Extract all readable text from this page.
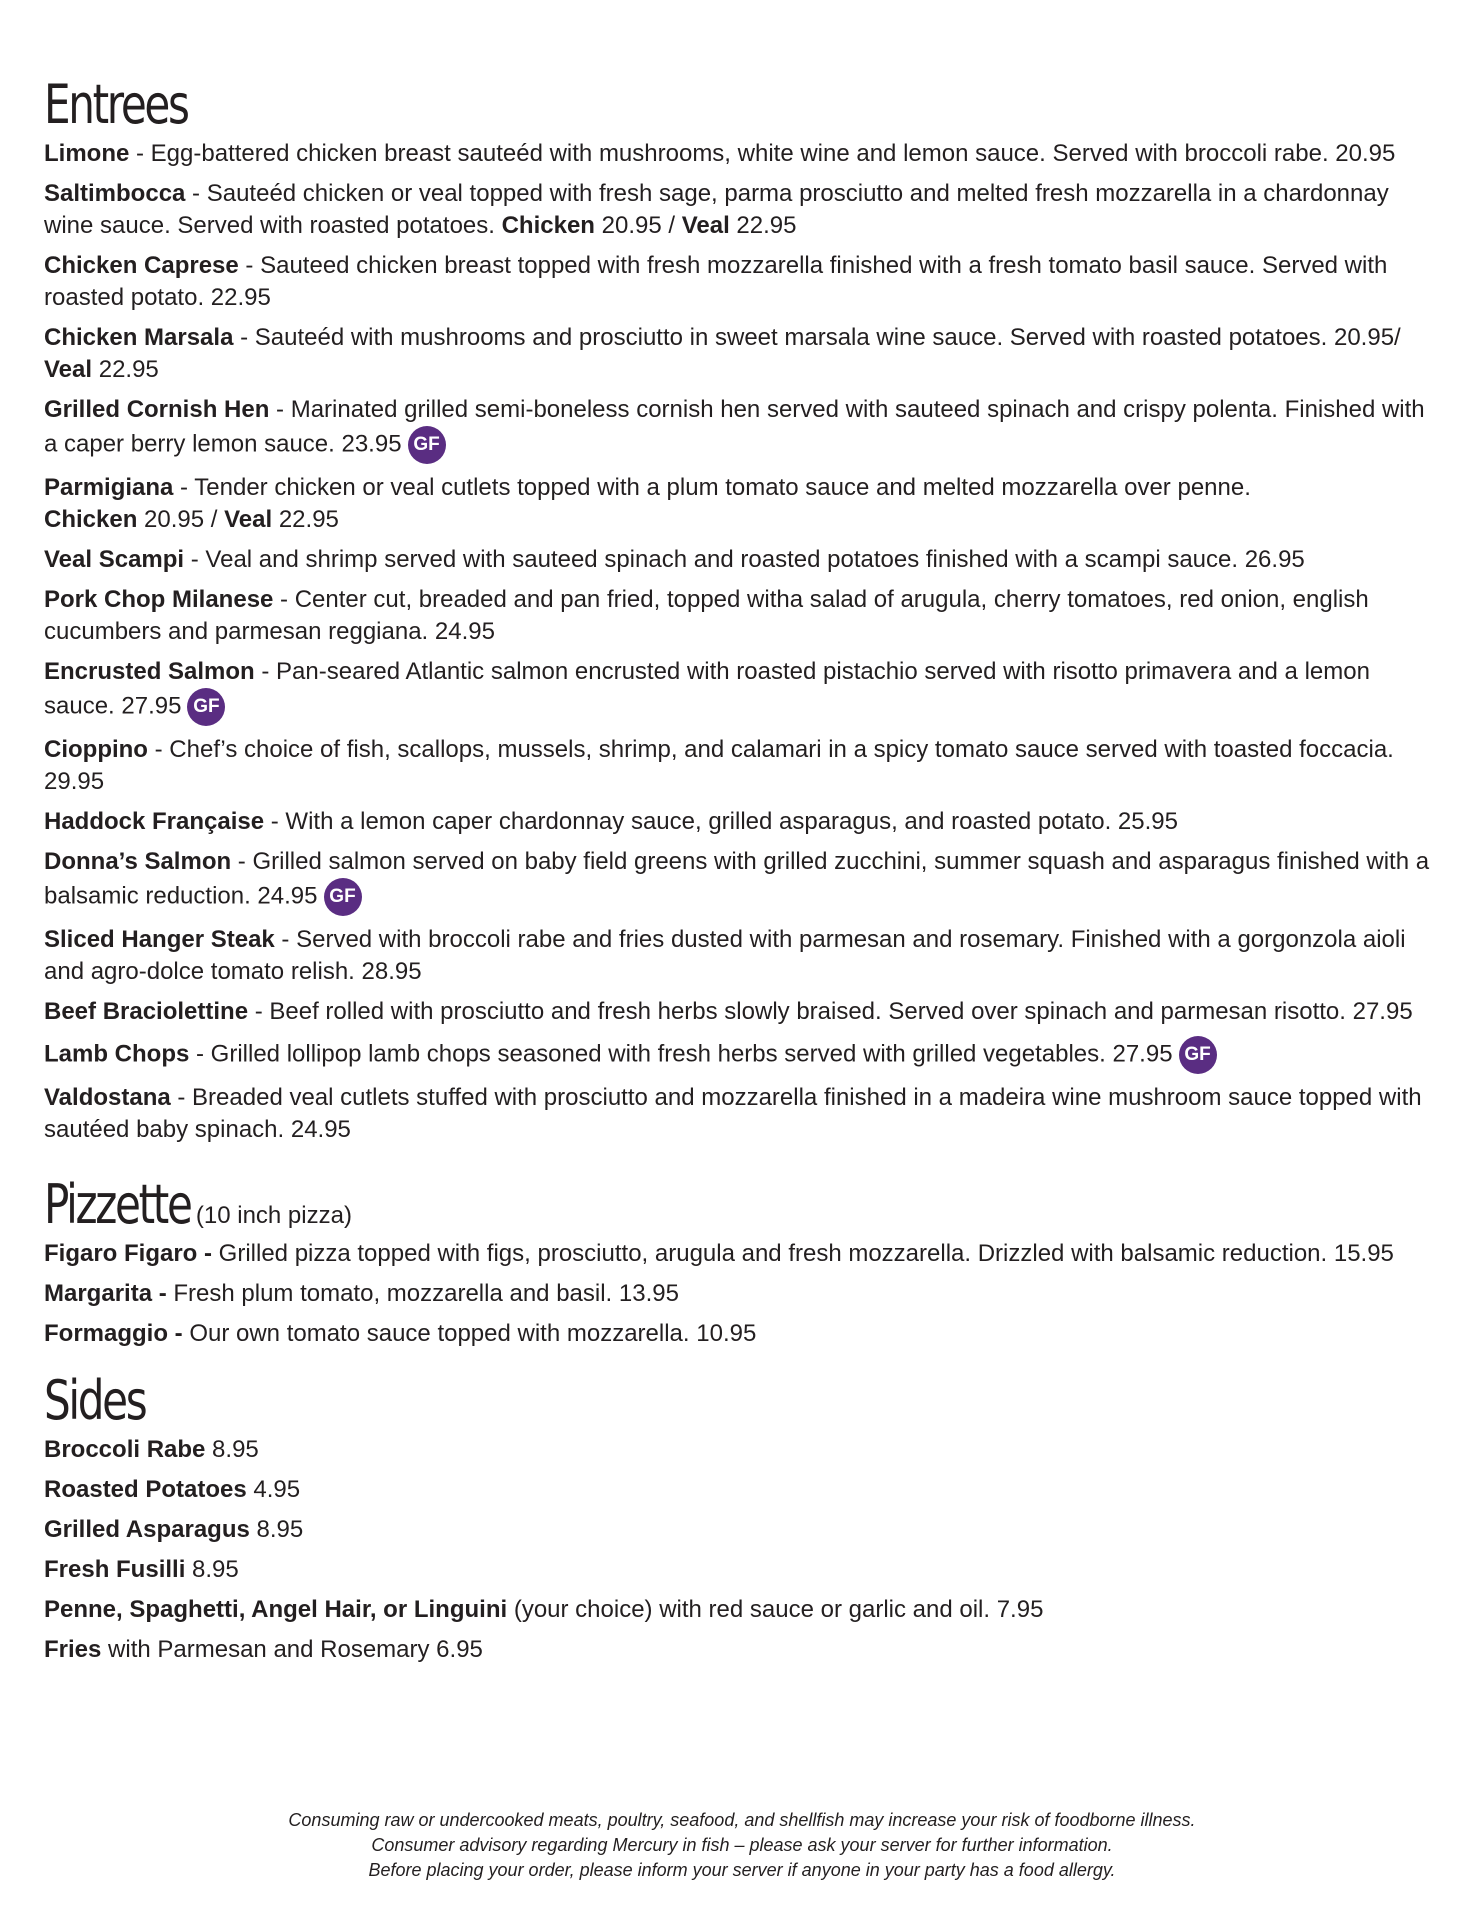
Entrees
Limone - Egg-battered chicken breast sauteéd with mushrooms, white wine and lemon sauce. Served with broccoli rabe. 20.95
Saltimbocca - Sauteéd chicken or veal topped with fresh sage, parma prosciutto and melted fresh mozzarella in a chardonnay wine sauce. Served with roasted potatoes. Chicken 20.95 / Veal 22.95
Chicken Caprese - Sauteed chicken breast topped with fresh mozzarella finished with a fresh tomato basil sauce. Served with roasted potato. 22.95
Chicken Marsala - Sauteéd with mushrooms and prosciutto in sweet marsala wine sauce. Served with roasted potatoes. 20.95/ Veal 22.95
Grilled Cornish Hen - Marinated grilled semi-boneless cornish hen served with sauteed spinach and crispy polenta. Finished with a caper berry lemon sauce. 23.95 GF
Parmigiana - Tender chicken or veal cutlets topped with a plum tomato sauce and melted mozzarella over penne.
Chicken 20.95 / Veal 22.95
Veal Scampi - Veal and shrimp served with sauteed spinach and roasted potatoes finished with a scampi sauce. 26.95
Pork Chop Milanese - Center cut, breaded and pan fried, topped witha salad of arugula, cherry tomatoes, red onion, english cucumbers and parmesan reggiana. 24.95
Encrusted Salmon - Pan-seared Atlantic salmon encrusted with roasted pistachio served with risotto primavera and a lemon sauce. 27.95 GF
Cioppino - Chef’s choice of fish, scallops, mussels, shrimp, and calamari in a spicy tomato sauce served with toasted foccacia. 29.95
Haddock Française - With a lemon caper chardonnay sauce, grilled asparagus, and roasted potato. 25.95
Donna’s Salmon - Grilled salmon served on baby field greens with grilled zucchini, summer squash and asparagus finished with a balsamic reduction. 24.95 GF
Sliced Hanger Steak - Served with broccoli rabe and fries dusted with parmesan and rosemary. Finished with a gorgonzola aioli and agro-dolce tomato relish. 28.95
Beef Braciolettine - Beef rolled with prosciutto and fresh herbs slowly braised. Served over spinach and parmesan risotto. 27.95
Lamb Chops - Grilled lollipop lamb chops seasoned with fresh herbs served with grilled vegetables. 27.95 GF
Valdostana - Breaded veal cutlets stuffed with prosciutto and mozzarella finished in a madeira wine mushroom sauce topped with sautéed baby spinach. 24.95
Pizzette (10 inch pizza)
Figaro Figaro - Grilled pizza topped with figs, prosciutto, arugula and fresh mozzarella. Drizzled with balsamic reduction. 15.95
Margarita - Fresh plum tomato, mozzarella and basil. 13.95
Formaggio - Our own tomato sauce topped with mozzarella. 10.95
Sides
Broccoli Rabe 8.95
Roasted Potatoes 4.95
Grilled Asparagus 8.95
Fresh Fusilli 8.95
Penne, Spaghetti, Angel Hair, or Linguini (your choice) with red sauce or garlic and oil. 7.95
Fries with Parmesan and Rosemary 6.95
Consuming raw or undercooked meats, poultry, seafood, and shellfish may increase your risk of foodborne illness.
Consumer advisory regarding Mercury in fish – please ask your server for further information.
Before placing your order, please inform your server if anyone in your party has a food allergy.
